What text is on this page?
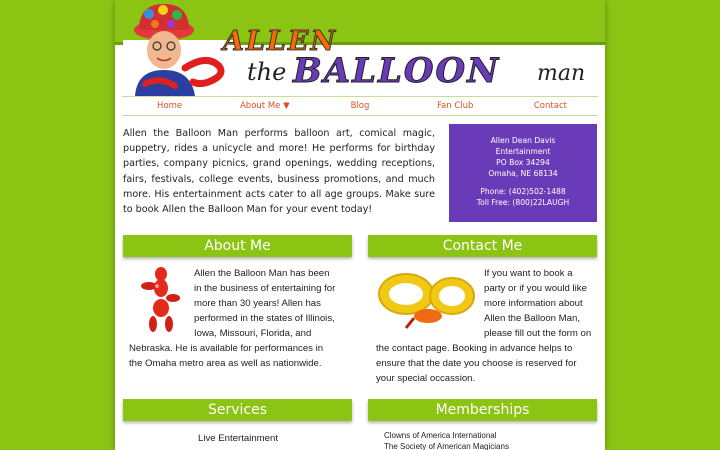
ALLEN
the BALLOON man
Home	About Me ▼	Blog	Fan Club	Contact
Allen the Balloon Man performs balloon art, comical magic, puppetry, rides a unicycle and more! He performs for birthday parties, company picnics, grand openings, wedding receptions, fairs, festivals, college events, business promotions, and much more. His entertainment acts cater to all age groups. Make sure to book Allen the Balloon Man for your event today!
Allen Dean Davis
Entertainment
PO Box 34294
Omaha, NE 68134
Phone: (402)502-1488
Toll Free: (800)22LAUGH
About Me
Allen the Balloon Man has been in the business of entertaining for more than 30 years! Allen has performed in the states of Illinois, Iowa, Missouri, Florida, and Nebraska. He is available for performances in the Omaha metro area as well as nationwide.
Contact Me
If you want to book a party or if you would like more information about Allen the Balloon Man, please fill out the form on the contact page. Booking in advance helps to ensure that the date you choose is reserved for your special occassion.
Services
Live Entertainment
Memberships
Clowns of America International
The Society of American Magicians
